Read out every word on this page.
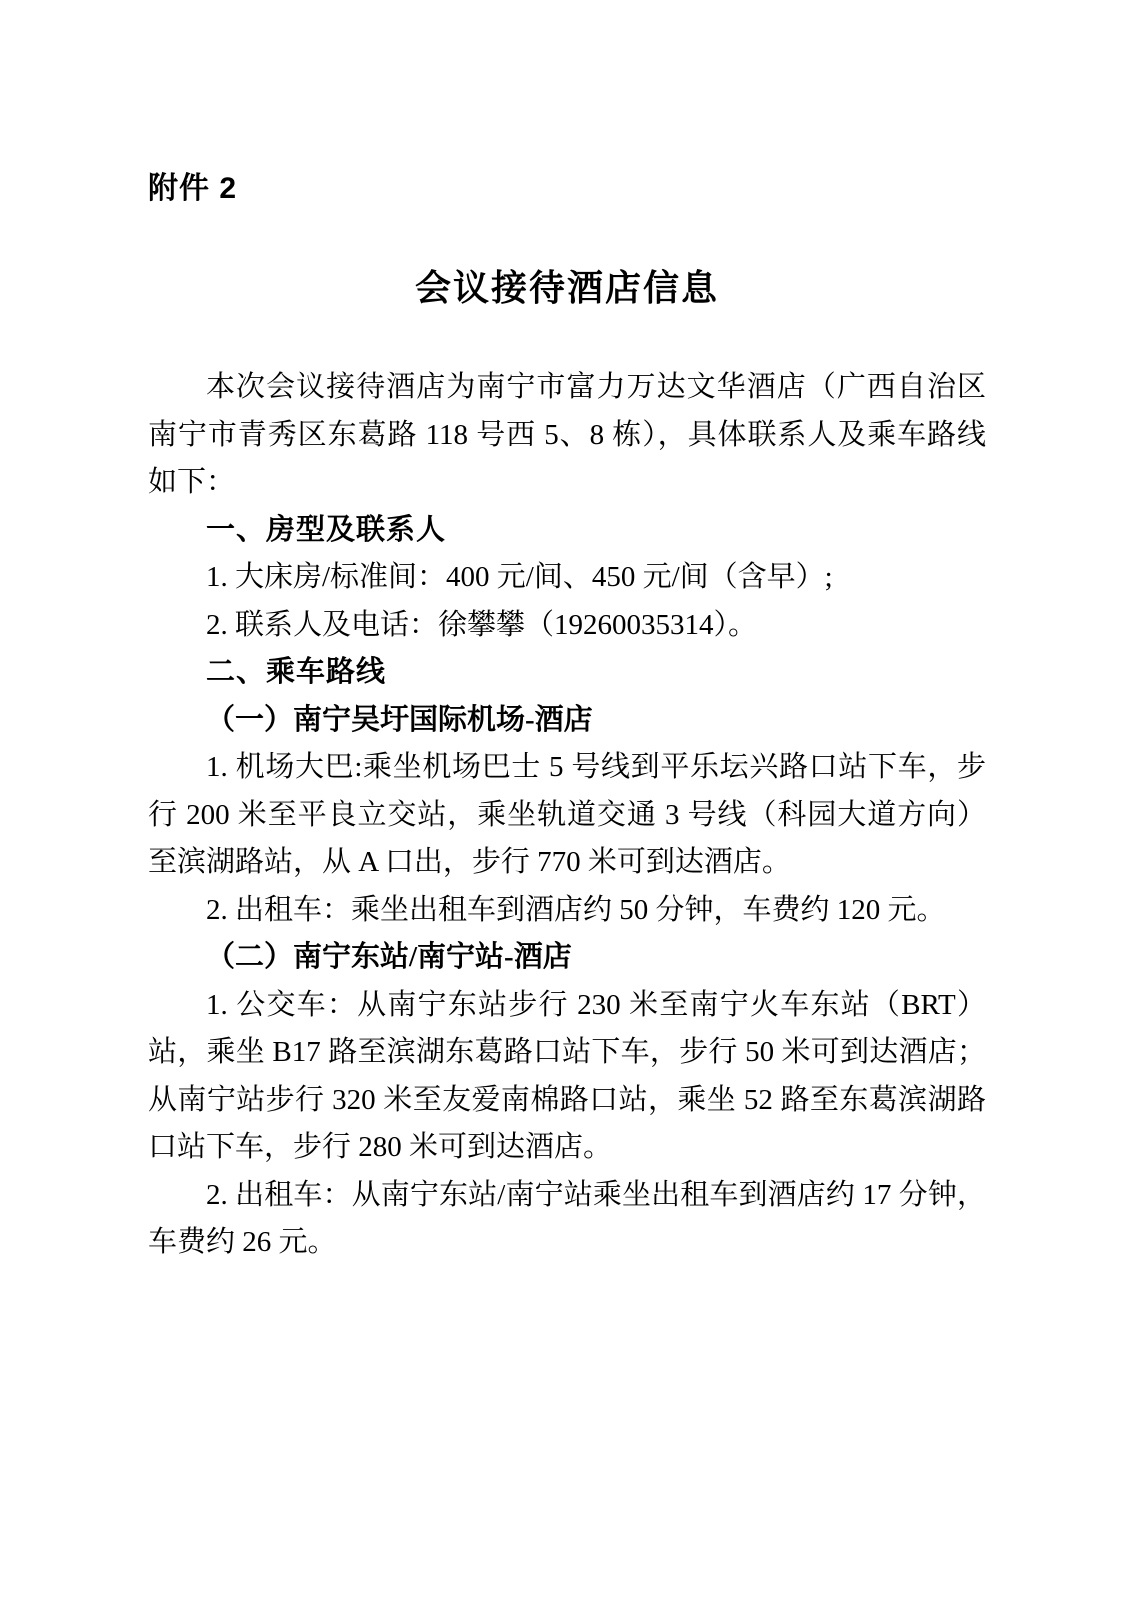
附件 2
会议接待酒店信息

本次会议接待酒店为南宁市富力万达文华酒店（广西自治区南宁市青秀区东葛路 118 号西 5、8 栋），具体联系人及乘车路线如下：

一、房型及联系人

1. 大床房/标准间：400 元/间、450 元/间（含早）;

2. 联系人及电话：徐攀攀（19260035314）。

二、乘车路线

（一）南宁吴圩国际机场-酒店

1. 机场大巴:乘坐机场巴士 5 号线到平乐坛兴路口站下车，步行 200 米至平良立交站，乘坐轨道交通 3 号线（科园大道方向）至滨湖路站，从 A 口出，步行 770 米可到达酒店。

2. 出租车：乘坐出租车到酒店约 50 分钟，车费约 120 元。

（二）南宁东站/南宁站-酒店

1. 公交车：从南宁东站步行 230 米至南宁火车东站（BRT）站，乘坐 B17 路至滨湖东葛路口站下车，步行 50 米可到达酒店；从南宁站步行 320 米至友爱南棉路口站，乘坐 52 路至东葛滨湖路口站下车，步行 280 米可到达酒店。

2. 出租车：从南宁东站/南宁站乘坐出租车到酒店约 17 分钟，车费约 26 元。
